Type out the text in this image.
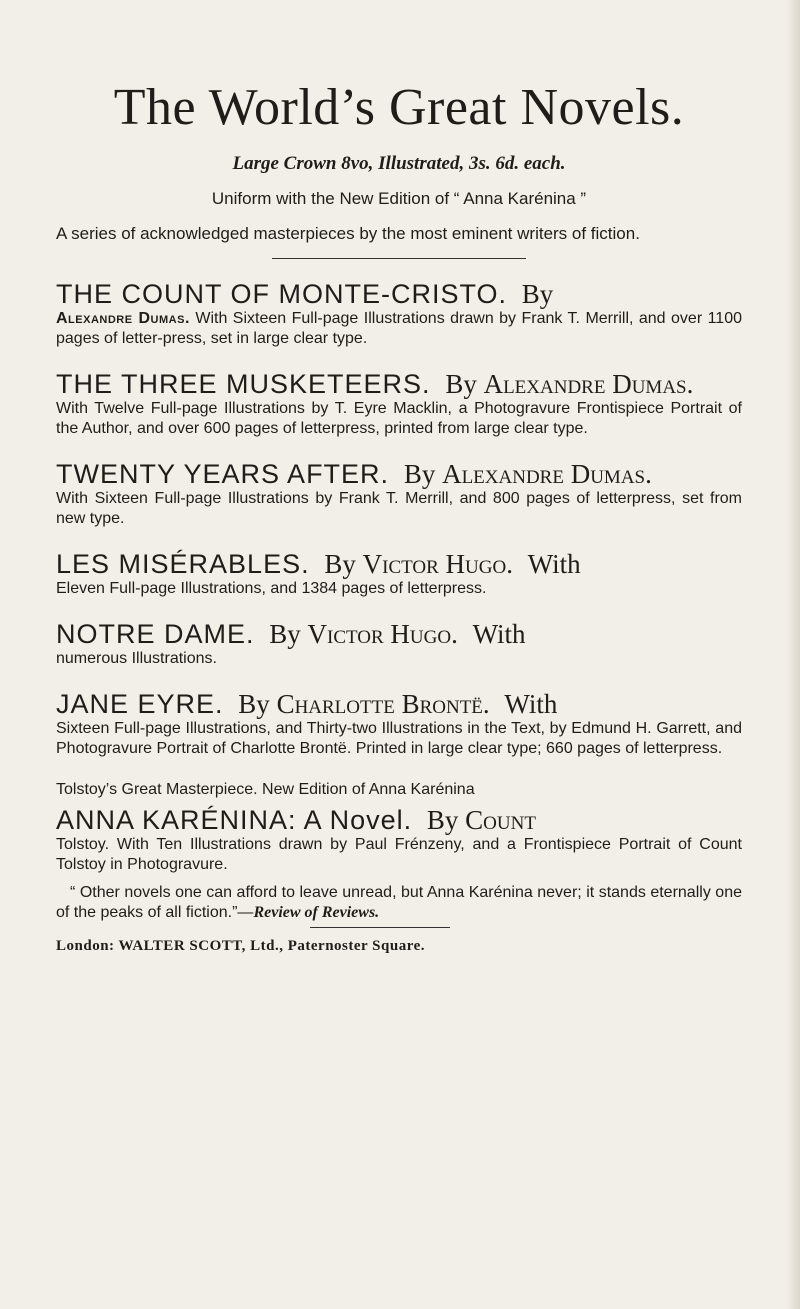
The World’s Great Novels.
Large Crown 8vo, Illustrated, 3s. 6d. each.
Uniform with the New Edition of “ Anna Karénina ”
A series of acknowledged masterpieces by the most eminent writers of fiction.
THE COUNT OF MONTE-CRISTO. By
Alexandre Dumas. With Sixteen Full-page Illustrations drawn by Frank T. Merrill, and over 1100 pages of letter-press, set in large clear type.
THE THREE MUSKETEERS. By Alexandre Dumas.
With Twelve Full-page Illustrations by T. Eyre Macklin, a Photogravure Frontispiece Portrait of the Author, and over 600 pages of letterpress, printed from large clear type.
TWENTY YEARS AFTER. By Alexandre Dumas.
With Sixteen Full-page Illustrations by Frank T. Merrill, and 800 pages of letterpress, set from new type.
LES MISÉRABLES. By Victor Hugo. With
Eleven Full-page Illustrations, and 1384 pages of letterpress.
NOTRE DAME. By Victor Hugo. With
numerous Illustrations.
JANE EYRE. By Charlotte Brontë. With
Sixteen Full-page Illustrations, and Thirty-two Illustrations in the Text, by Edmund H. Garrett, and Photogravure Portrait of Charlotte Brontë. Printed in large clear type; 660 pages of letterpress.
Tolstoy’s Great Masterpiece. New Edition of Anna Karénina
ANNA KARÉNINA: A Novel. By Count
Tolstoy. With Ten Illustrations drawn by Paul Frénzeny, and a Frontispiece Portrait of Count Tolstoy in Photogravure.
“ Other novels one can afford to leave unread, but Anna Karénina never; it stands eternally one of the peaks of all fiction.”—Review of Reviews.
London: WALTER SCOTT, Ltd., Paternoster Square.
